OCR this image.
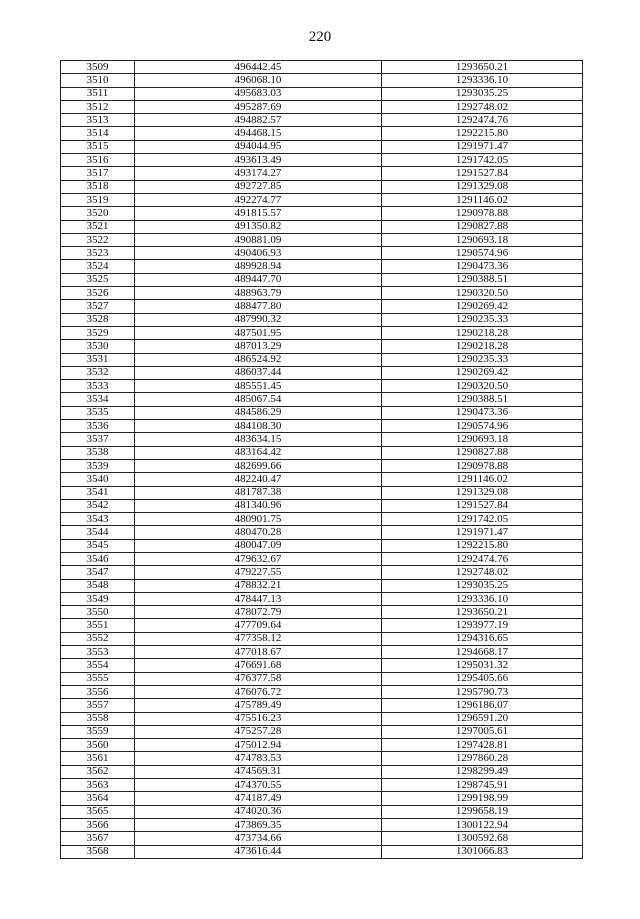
220
3509	496442.45	1293650.21
3510	496068.10	1293336.10
3511	495683.03	1293035.25
3512	495287.69	1292748.02
3513	494882.57	1292474.76
3514	494468.15	1292215.80
3515	494044.95	1291971.47
3516	493613.49	1291742.05
3517	493174.27	1291527.84
3518	492727.85	1291329.08
3519	492274.77	1291146.02
3520	491815.57	1290978.88
3521	491350.82	1290827.88
3522	490881.09	1290693.18
3523	490406.93	1290574.96
3524	489928.94	1290473.36
3525	489447.70	1290388.51
3526	488963.79	1290320.50
3527	488477.80	1290269.42
3528	487990.32	1290235.33
3529	487501.95	1290218.28
3530	487013.29	1290218.28
3531	486524.92	1290235.33
3532	486037.44	1290269.42
3533	485551.45	1290320.50
3534	485067.54	1290388.51
3535	484586.29	1290473.36
3536	484108.30	1290574.96
3537	483634.15	1290693.18
3538	483164.42	1290827.88
3539	482699.66	1290978.88
3540	482240.47	1291146.02
3541	481787.38	1291329.08
3542	481340.96	1291527.84
3543	480901.75	1291742.05
3544	480470.28	1291971.47
3545	480047.09	1292215.80
3546	479632.67	1292474.76
3547	479227.55	1292748.02
3548	478832.21	1293035.25
3549	478447.13	1293336.10
3550	478072.79	1293650.21
3551	477709.64	1293977.19
3552	477358.12	1294316.65
3553	477018.67	1294668.17
3554	476691.68	1295031.32
3555	476377.58	1295405.66
3556	476076.72	1295790.73
3557	475789.49	1296186.07
3558	475516.23	1296591.20
3559	475257.28	1297005.61
3560	475012.94	1297428.81
3561	474783.53	1297860.28
3562	474569.31	1298299.49
3563	474370.55	1298745.91
3564	474187.49	1299198.99
3565	474020.36	1299658.19
3566	473869.35	1300122.94
3567	473734.66	1300592.68
3568	473616.44	1301066.83
